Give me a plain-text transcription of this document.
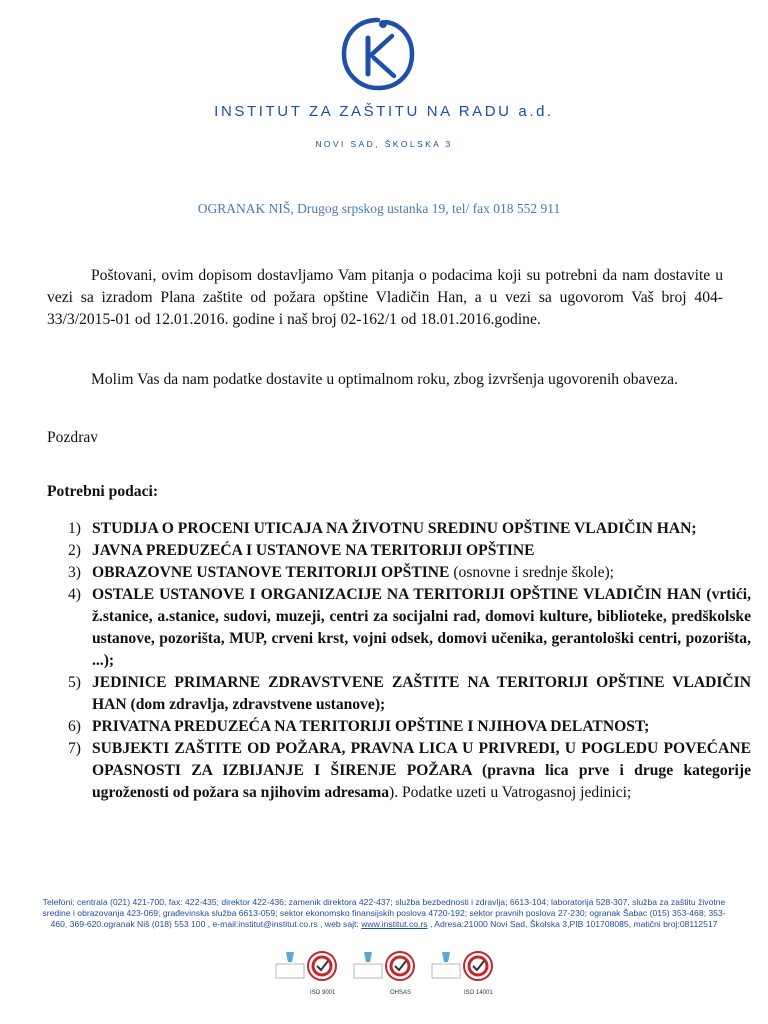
INSTITUT ZA ZAŠTITU NA RADU a.d.
NOVI SAD, ŠKOLSKA 3
OGRANAK NIŠ, Drugog srpskog ustanka 19, tel/ fax 018 552 911

Poštovani, ovim dopisom dostavljamo Vam pitanja o podacima koji su potrebni da nam dostavite u vezi sa izradom Plana zaštite od požara opštine Vladičin Han, a u vezi sa ugovorom Vaš broj 404-33/3/2015-01 od 12.01.2016. godine i naš broj 02-162/1 od 18.01.2016.godine.

Molim Vas da nam podatke dostavite u optimalnom roku, zbog izvršenja ugovorenih obaveza.

Pozdrav

Potrebni podaci:
1) STUDIJA O PROCENI UTICAJA NA ŽIVOTNU SREDINU OPŠTINE VLADIČIN HAN;
2) JAVNA PREDUZEĆA I USTANOVE NA TERITORIJI OPŠTINE
3) OBRAZOVNE USTANOVE TERITORIJI OPŠTINE (osnovne i srednje škole);
4) OSTALE USTANOVE I ORGANIZACIJE NA TERITORIJI OPŠTINE VLADIČIN HAN (vrtići, ž.stanice, a.stanice, sudovi, muzeji, centri za socijalni rad, domovi kulture, biblioteke, predškolske ustanove, pozorišta, MUP, crveni krst, vojni odsek, domovi učenika, gerantološki centri, pozorišta, ...);
5) JEDINICE PRIMARNE ZDRAVSTVENE ZAŠTITE NA TERITORIJI OPŠTINE VLADIČIN HAN (dom zdravlja, zdravstvene ustanove);
6) PRIVATNA PREDUZEĆA NA TERITORIJI OPŠTINE I NJIHOVA DELATNOST;
7) SUBJEKTI ZAŠTITE OD POŽARA, PRAVNA LICA U PRIVREDI, U POGLEDU POVEĆANE OPASNOSTI ZA IZBIJANJE I ŠIRENJE POŽARA (pravna lica prve i druge kategorije ugroženosti od požara sa njihovim adresama). Podatke uzeti u Vatrogasnoj jedinici;
Telefoni: centrala (021) 421-700, fax: 422-435; direktor 422-436; zamenik direktora 422-437; služba bezbednosti i zdravlja; 6613-104; laboratorija 528-307, služba za zaštitu životne sredine i obrazovanja 423-069; građevinska služba 6613-059; sektor ekonomsko finansijskih poslova 4720-192; sektor pravnih poslova 27-230; ogranak Šabac (015) 353-468; 353-460, 369-620.ogranak Niš (018) 553 100 , e-mail:institut@institut.co.rs , web sajt: www.institut.co.rs , Adresa:21000 Novi Sad, Školska 3,PIB 101708085, matični broj:08112517
ISO 9001	OHSAS	ISO 14001
